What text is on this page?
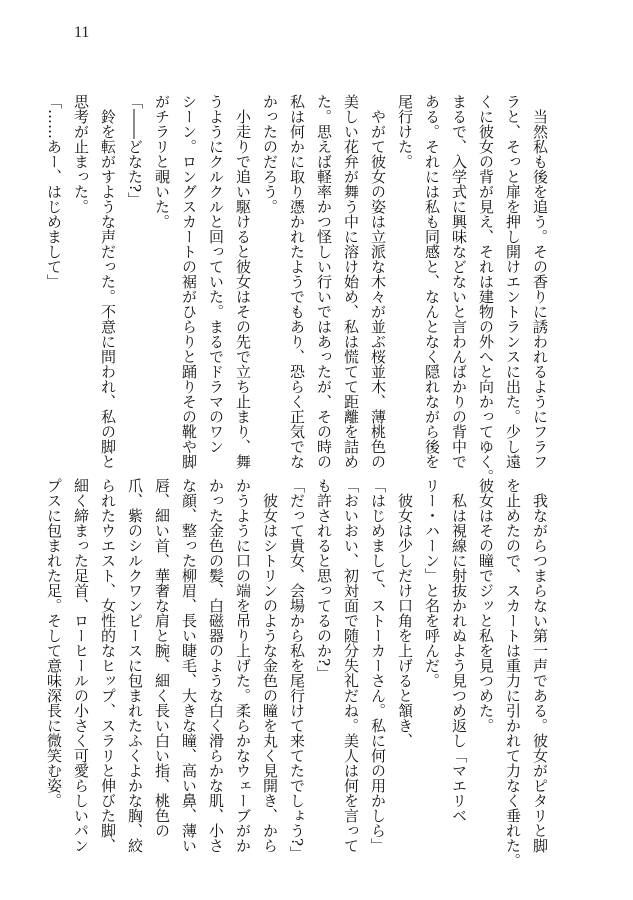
11
　当然私も後を追う。その香りに誘われるようにフラフ
ラと、そっと扉を押し開けエントランスに出た。少し遠
くに彼女の背が見え、それは建物の外へと向かってゆく。
まるで、入学式に興味などないと言わんばかりの背中で
ある。それには私も同感と、なんとなく隠れながら後を
尾行けた。
　やがて彼女の姿は立派な木々が並ぶ桜並木、薄桃色の
美しい花弁が舞う中に溶け始め、私は慌てて距離を詰め
た。思えば軽率かつ怪しい行いではあったが、その時の
私は何かに取り憑かれたようでもあり、恐らく正気でな
かったのだろう。
　小走りで追い駆けると彼女はその先で立ち止まり、舞
うようにクルクルと回っていた。まるでドラマのワン
シーン。ロングスカートの裾がひらりと踊りその靴や脚
がチラリと覗いた。
「――どなた?」
　鈴を転がすような声だった。不意に問われ、私の脚と
思考が止まった。
「……あー、はじめまして」
　我ながらつまらない第一声である。彼女がピタリと脚
を止めたので、スカートは重力に引かれて力なく垂れた。
彼女はその瞳でジッと私を見つめた。
　私は視線に射抜かれぬよう見つめ返し「マエリベ
リー・ハーン」と名を呼んだ。
　彼女は少しだけ口角を上げると頷き、
「はじめまして、ストーカーさん。私に何の用かしら」
「おいおい、初対面で随分失礼だね。美人は何を言って
も許されると思ってるのか?」
「だって貴女、会場から私を尾行けて来てたでしょう?」
　彼女はシトリンのような金色の瞳を丸く見開き、から
かうように口の端を吊り上げた。柔らかなウェーブがか
かった金色の髪、白磁器のような白く滑らかな肌、小さ
な顔、整った柳眉、長い睫毛、大きな瞳、高い鼻、薄い
唇、細い首、華奢な肩と腕、細く長い白い指、桃色の
爪、紫のシルクワンピースに包まれたふくよかな胸、絞
られたウエスト、女性的なヒップ、スラリと伸びた脚、
細く締まった足首、ローヒールの小さく可愛らしいパン
プスに包まれた足。そして意味深長に微笑む姿。
